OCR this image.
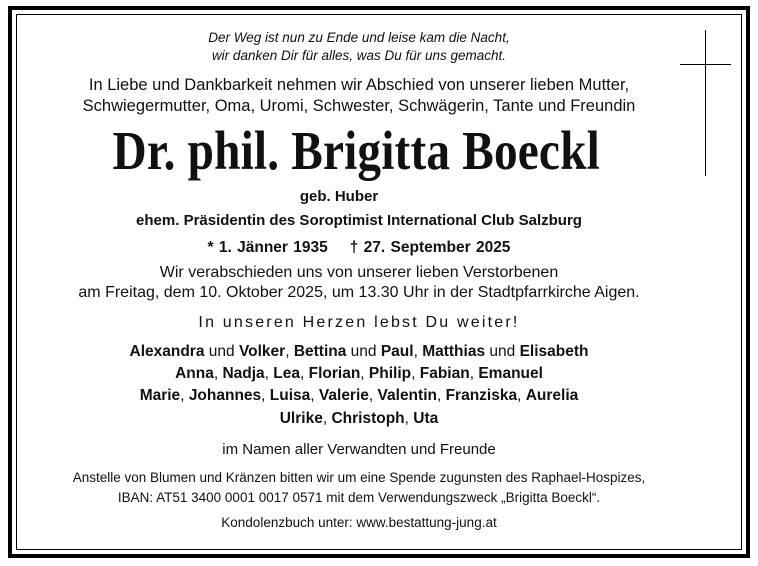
Der Weg ist nun zu Ende und leise kam die Nacht,
wir danken Dir für alles, was Du für uns gemacht.
In Liebe und Dankbarkeit nehmen wir Abschied von unserer lieben Mutter,
Schwiegermutter, Oma, Uromi, Schwester, Schwägerin, Tante und Freundin
Dr. phil. Brigitta Boeckl
geb. Huber
ehem. Präsidentin des Soroptimist International Club Salzburg
* 1. Jänner 1935 † 27. September 2025
Wir verabschieden uns von unserer lieben Verstorbenen
am Freitag, dem 10. Oktober 2025, um 13.30 Uhr in der Stadtpfarrkirche Aigen.
In unseren Herzen lebst Du weiter!
Alexandra und Volker, Bettina und Paul, Matthias und Elisabeth
Anna, Nadja, Lea, Florian, Philip, Fabian, Emanuel
Marie, Johannes, Luisa, Valerie, Valentin, Franziska, Aurelia
Ulrike, Christoph, Uta
im Namen aller Verwandten und Freunde
Anstelle von Blumen und Kränzen bitten wir um eine Spende zugunsten des Raphael-Hospizes,
IBAN: AT51 3400 0001 0017 0571 mit dem Verwendungszweck „Brigitta Boeckl“.
Kondolenzbuch unter: www.bestattung-jung.at
